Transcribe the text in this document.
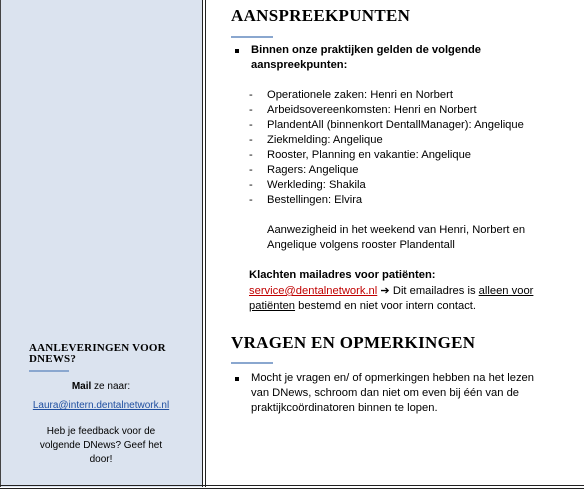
AANLEVERINGEN VOOR
DNEWS?
Mail ze naar:
Laura@intern.dentalnetwork.nl
Heb je feedback voor de
volgende DNews? Geef het
door!
AANSPREEKPUNTEN
Binnen onze praktijken gelden de volgende
aanspreekpunten:
- Operationele zaken: Henri en Norbert
- Arbeidsovereenkomsten: Henri en Norbert
- PlandentAll (binnenkort DentallManager): Angelique
- Ziekmelding: Angelique
- Rooster, Planning en vakantie: Angelique
- Ragers: Angelique
- Werkleding: Shakila
- Bestellingen: Elvira
Aanwezigheid in het weekend van Henri, Norbert en
Angelique volgens rooster Plandentall
Klachten mailadres voor patiënten:
service@dentalnetwork.nl ➔ Dit emailadres is alleen voor
patiënten bestemd en niet voor intern contact.
VRAGEN EN OPMERKINGEN
Mocht je vragen en/ of opmerkingen hebben na het lezen
van DNews, schroom dan niet om even bij één van de
praktijkcoördinatoren binnen te lopen.
